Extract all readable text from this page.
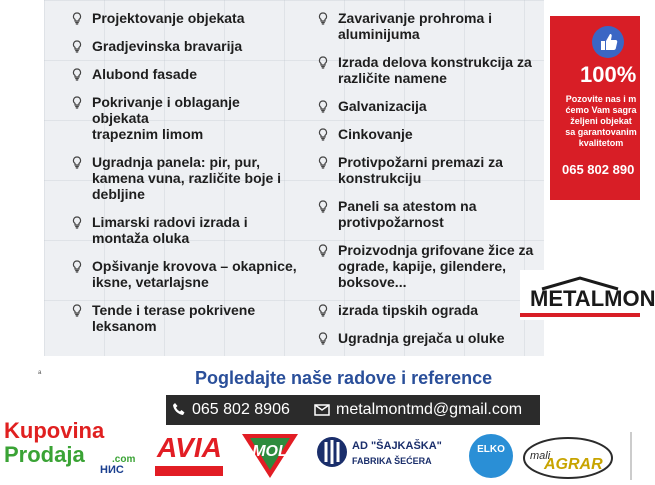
Projektovanje objekata
Gradjevinska bravarija
Alubond fasade
Pokrivanje i oblaganje objekata
trapeznim limom
Ugradnja panela: pir, pur,
kamena vuna, različite boje i
debljine
Limarski radovi izrada i
montaža oluka
Opšivanje krovova – okapnice,
iksne, vetarlajsne
Tende i terase pokrivene
leksanom
Zavarivanje prohroma i
aluminijuma
Izrada delova konstrukcija za
različite namene
Galvanizacija
Cinkovanje
Protivpožarni premazi za
konstrukciju
Paneli sa atestom na
protivpožarnost
Proizvodnja grifovane žice za
ograde, kapije, gilendere,
boksove...
izrada tipskih ograda
Ugradnja grejača u oluke
100%
Pozovite nas i m
ćemo Vam sagra
željeni objekat
sa garantovanim
kvalitetom
065 802 890
METALMON
ᵃ	Pogledajte naše radove i reference
065 802 8906	metalmontmd@gmail.com
Kupovina
Prodaja	.com
НИС
AVIA MOL	AD "ŠAJKAŠKA"
FABRIKA ŠEĆERA
ELKO
mali
AGRAR
